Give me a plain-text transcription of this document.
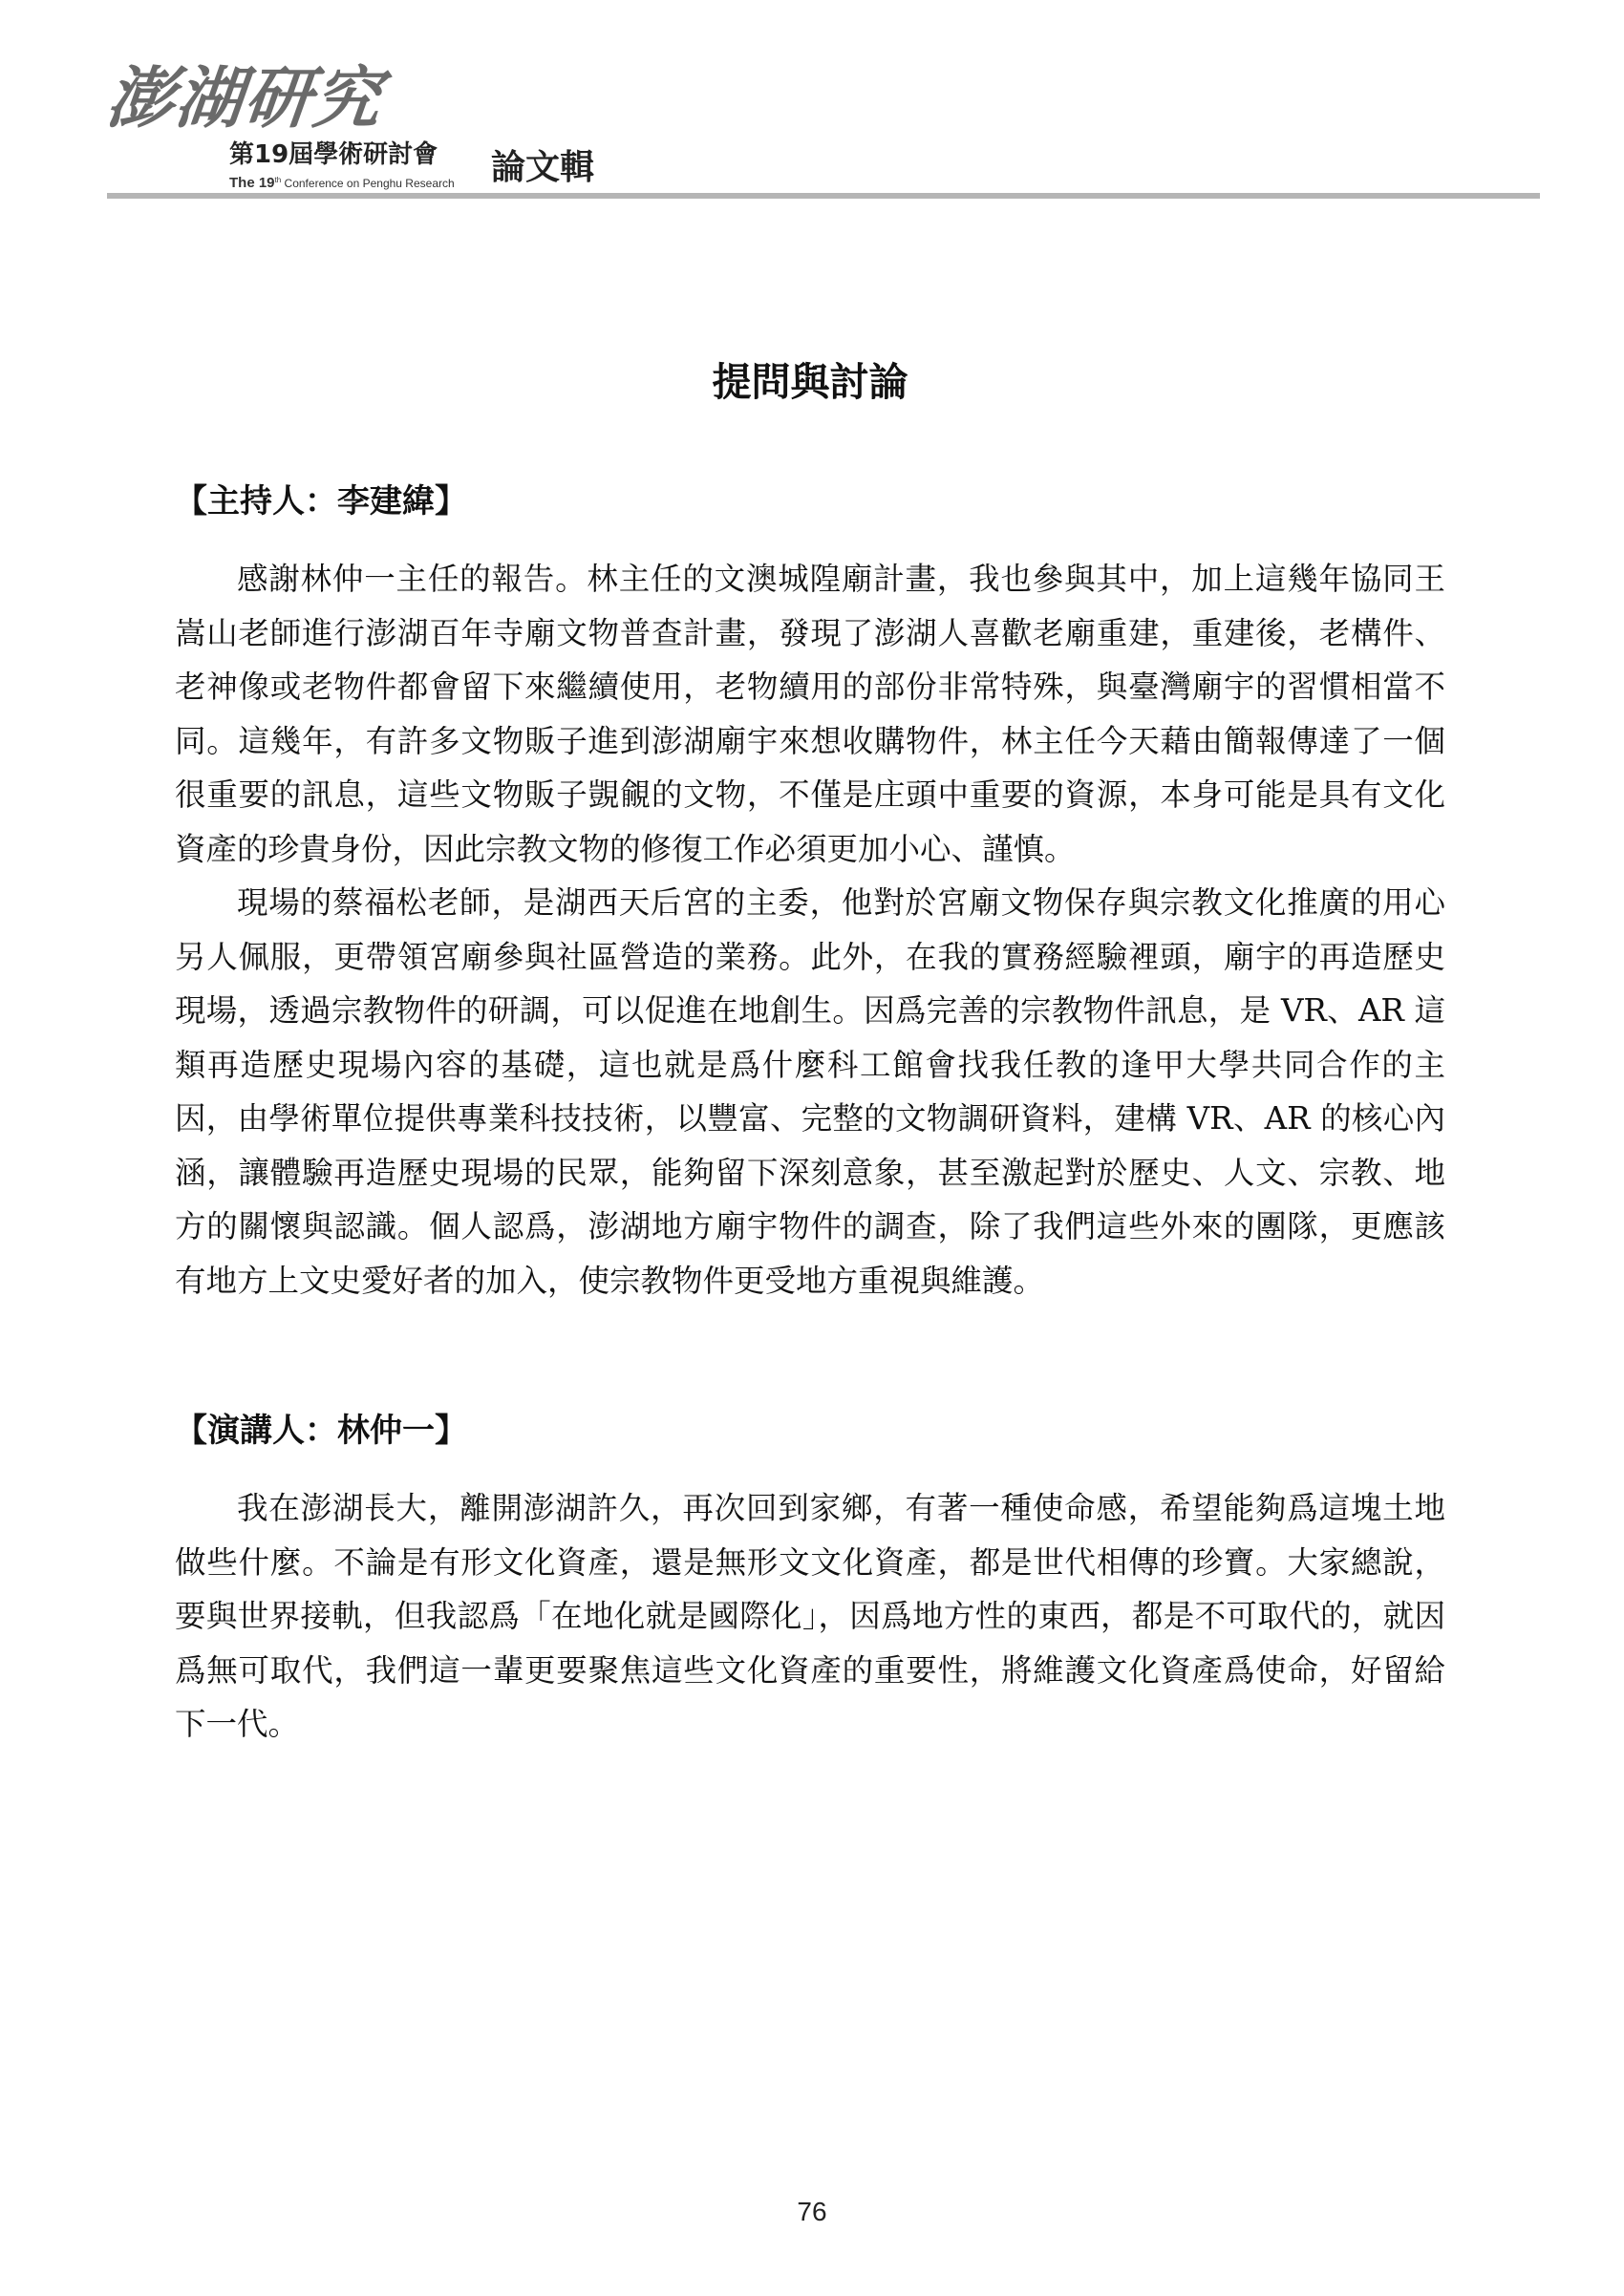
澎湖研究
第19屆學術研討會
The 19th Conference on Penghu Research 論文輯
提問與討論
【主持人：李建緯】

感謝林仲一主任的報告。林主任的文澳城隍廟計畫，我也參與其中，加上這幾年協同王嵩山老師進行澎湖百年寺廟文物普查計畫，發現了澎湖人喜歡老廟重建，重建後，老構件、老神像或老物件都會留下來繼續使用，老物續用的部份非常特殊，與臺灣廟宇的習慣相當不同。這幾年，有許多文物販子進到澎湖廟宇來想收購物件，林主任今天藉由簡報傳達了一個很重要的訊息，這些文物販子覬覦的文物，不僅是庄頭中重要的資源，本身可能是具有文化資產的珍貴身份，因此宗教文物的修復工作必須更加小心、謹慎。

現場的蔡福松老師，是湖西天后宮的主委，他對於宮廟文物保存與宗教文化推廣的用心另人佩服，更帶領宮廟參與社區營造的業務。此外，在我的實務經驗裡頭，廟宇的再造歷史現場，透過宗教物件的研調，可以促進在地創生。因爲完善的宗教物件訊息，是 VR、AR 這類再造歷史現場內容的基礎，這也就是爲什麼科工館會找我任教的逢甲大學共同合作的主因，由學術單位提供專業科技技術，以豐富、完整的文物調研資料，建構 VR、AR 的核心內涵，讓體驗再造歷史現場的民眾，能夠留下深刻意象，甚至激起對於歷史、人文、宗教、地方的關懷與認識。個人認爲，澎湖地方廟宇物件的調查，除了我們這些外來的團隊，更應該有地方上文史愛好者的加入，使宗教物件更受地方重視與維護。

【演講人：林仲一】

我在澎湖長大，離開澎湖許久，再次回到家鄉，有著一種使命感，希望能夠爲這塊土地做些什麼。不論是有形文化資產，還是無形文文化資產，都是世代相傳的珍寶。大家總說，要與世界接軌，但我認爲「在地化就是國際化」，因爲地方性的東西，都是不可取代的，就因爲無可取代，我們這一輩更要聚焦這些文化資產的重要性，將維護文化資產爲使命，好留給下一代。

76
